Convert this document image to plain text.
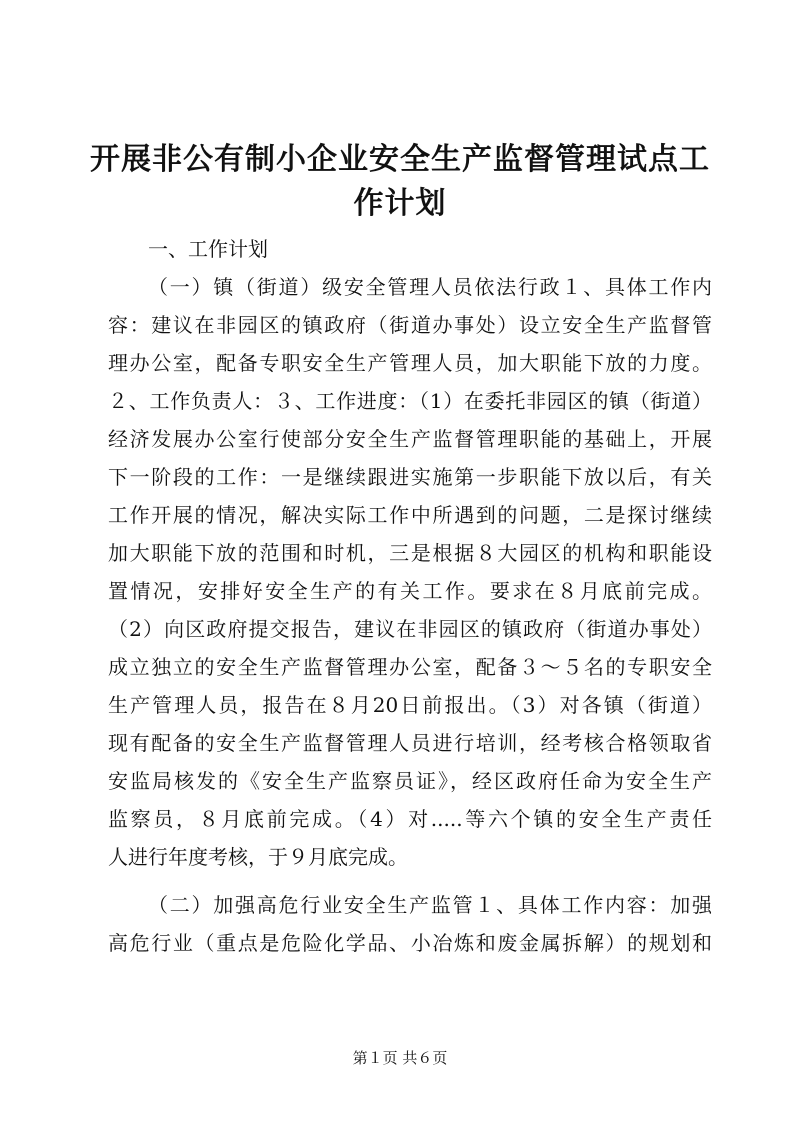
开展非公有制小企业安全生产监督管理试点工
作计划
一、工作计划
（一）镇（街道）级安全管理人员依法行政１、具体工作内
容：建议在非园区的镇政府（街道办事处）设立安全生产监督管
理办公室，配备专职安全生产管理人员，加大职能下放的力度。
２、工作负责人：３、工作进度：（1）在委托非园区的镇（街道）
经济发展办公室行使部分安全生产监督管理职能的基础上，开展
下一阶段的工作：一是继续跟进实施第一步职能下放以后，有关
工作开展的情况，解决实际工作中所遇到的问题，二是探讨继续
加大职能下放的范围和时机，三是根据８大园区的机构和职能设
置情况，安排好安全生产的有关工作。要求在８月底前完成。
（2）向区政府提交报告，建议在非园区的镇政府（街道办事处）
成立独立的安全生产监督管理办公室，配备３～５名的专职安全
生产管理人员，报告在８月20日前报出。（3）对各镇（街道）
现有配备的安全生产监督管理人员进行培训，经考核合格领取省
安监局核发的《安全生产监察员证》，经区政府任命为安全生产
监察员，８月底前完成。（4）对.....等六个镇的安全生产责任
人进行年度考核，于９月底完成。
（二）加强高危行业安全生产监管１、具体工作内容：加强
高危行业（重点是危险化学品、小冶炼和废金属拆解）的规划和
第１页 共６页
